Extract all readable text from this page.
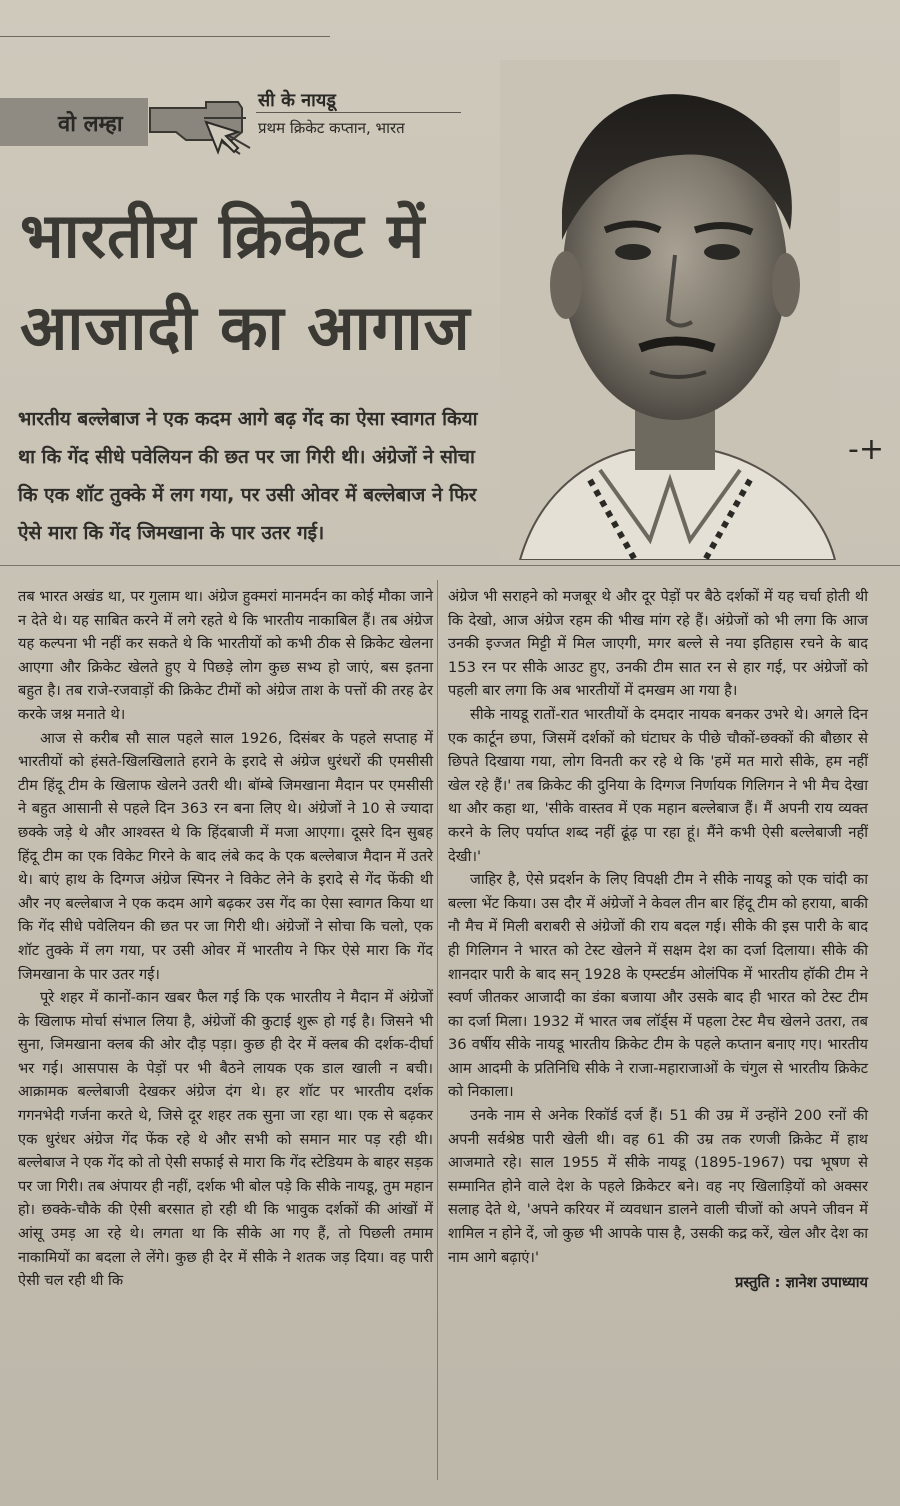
वो लम्हा
सी के नायडू
प्रथम क्रिकेट कप्तान, भारत
भारतीय क्रिकेट में
आजादी का आगाज
भारतीय बल्लेबाज ने एक कदम आगे बढ़ गेंद का ऐसा स्वागत किया था कि गेंद सीधे पवेलियन की छत पर जा गिरी थी। अंग्रेजों ने सोचा कि एक शॉट तुक्के में लग गया, पर उसी ओवर में बल्लेबाज ने फिर ऐसे मारा कि गेंद जिमखाना के पार उतर गई।
‑+

तब भारत अखंड था, पर गुलाम था। अंग्रेज हुक्मरां मानमर्दन का कोई मौका जाने न देते थे। यह साबित करने में लगे रहते थे कि भारतीय नाकाबिल हैं। तब अंग्रेज यह कल्पना भी नहीं कर सकते थे कि भारतीयों को कभी ठीक से क्रिकेट खेलना आएगा और क्रिकेट खेलते हुए ये पिछड़े लोग कुछ सभ्य हो जाएं, बस इतना बहुत है। तब राजे-रजवाड़ों की क्रिकेट टीमों को अंग्रेज ताश के पत्तों की तरह ढेर करके जश्न मनाते थे।

आज से करीब सौ साल पहले साल 1926, दिसंबर के पहले सप्ताह में भारतीयों को हंसते-खिलखिलाते हराने के इरादे से अंग्रेज धुरंधरों की एमसीसी टीम हिंदू टीम के खिलाफ खेलने उतरी थी। बॉम्बे जिमखाना मैदान पर एमसीसी ने बहुत आसानी से पहले दिन 363 रन बना लिए थे। अंग्रेजों ने 10 से ज्यादा छक्के जड़े थे और आश्वस्त थे कि हिंदबाजी में मजा आएगा। दूसरे दिन सुबह हिंदू टीम का एक विकेट गिरने के बाद लंबे कद के एक बल्लेबाज मैदान में उतरे थे। बाएं हाथ के दिग्गज अंग्रेज स्पिनर ने विकेट लेने के इरादे से गेंद फेंकी थी और नए बल्लेबाज ने एक कदम आगे बढ़कर उस गेंद का ऐसा स्वागत किया था कि गेंद सीधे पवेलियन की छत पर जा गिरी थी। अंग्रेजों ने सोचा कि चलो, एक शॉट तुक्के में लग गया, पर उसी ओवर में भारतीय ने फिर ऐसे मारा कि गेंद जिमखाना के पार उतर गई।

पूरे शहर में कानों-कान खबर फैल गई कि एक भारतीय ने मैदान में अंग्रेजों के खिलाफ मोर्चा संभाल लिया है, अंग्रेजों की कुटाई शुरू हो गई है। जिसने भी सुना, जिमखाना क्लब की ओर दौड़ पड़ा। कुछ ही देर में क्लब की दर्शक-दीर्घा भर गई। आसपास के पेड़ों पर भी बैठने लायक एक डाल खाली न बची। आक्रामक बल्लेबाजी देखकर अंग्रेज दंग थे। हर शॉट पर भारतीय दर्शक गगनभेदी गर्जना करते थे, जिसे दूर शहर तक सुना जा रहा था। एक से बढ़कर एक धुरंधर अंग्रेज गेंद फेंक रहे थे और सभी को समान मार पड़ रही थी। बल्लेबाज ने एक गेंद को तो ऐसी सफाई से मारा कि गेंद स्टेडियम के बाहर सड़क पर जा गिरी। तब अंपायर ही नहीं, दर्शक भी बोल पड़े कि सीके नायडू, तुम महान हो। छक्के-चौके की ऐसी बरसात हो रही थी कि भावुक दर्शकों की आंखों में आंसू उमड़ आ रहे थे। लगता था कि सीके आ गए हैं, तो पिछली तमाम नाकामियों का बदला ले लेंगे। कुछ ही देर में सीके ने शतक जड़ दिया। वह पारी ऐसी चल रही थी कि

अंग्रेज भी सराहने को मजबूर थे और दूर पेड़ों पर बैठे दर्शकों में यह चर्चा होती थी कि देखो, आज अंग्रेज रहम की भीख मांग रहे हैं। अंग्रेजों को भी लगा कि आज उनकी इज्जत मिट्टी में मिल जाएगी, मगर बल्ले से नया इतिहास रचने के बाद 153 रन पर सीके आउट हुए, उनकी टीम सात रन से हार गई, पर अंग्रेजों को पहली बार लगा कि अब भारतीयों में दमखम आ गया है।

सीके नायडू रातों-रात भारतीयों के दमदार नायक बनकर उभरे थे। अगले दिन एक कार्टून छपा, जिसमें दर्शकों को घंटाघर के पीछे चौकों-छक्कों की बौछार से छिपते दिखाया गया, लोग विनती कर रहे थे कि 'हमें मत मारो सीके, हम नहीं खेल रहे हैं।' तब क्रिकेट की दुनिया के दिग्गज निर्णायक गिलिगन ने भी मैच देखा था और कहा था, 'सीके वास्तव में एक महान बल्लेबाज हैं। मैं अपनी राय व्यक्त करने के लिए पर्याप्त शब्द नहीं ढूंढ़ पा रहा हूं। मैंने कभी ऐसी बल्लेबाजी नहीं देखी।'

जाहिर है, ऐसे प्रदर्शन के लिए विपक्षी टीम ने सीके नायडू को एक चांदी का बल्ला भेंट किया। उस दौर में अंग्रेजों ने केवल तीन बार हिंदू टीम को हराया, बाकी नौ मैच में मिली बराबरी से अंग्रेजों की राय बदल गई। सीके की इस पारी के बाद ही गिलिगन ने भारत को टेस्ट खेलने में सक्षम देश का दर्जा दिलाया। सीके की शानदार पारी के बाद सन् 1928 के एम्स्टर्डम ओलंपिक में भारतीय हॉकी टीम ने स्वर्ण जीतकर आजादी का डंका बजाया और उसके बाद ही भारत को टेस्ट टीम का दर्जा मिला। 1932 में भारत जब लॉर्ड्स में पहला टेस्ट मैच खेलने उतरा, तब 36 वर्षीय सीके नायडू भारतीय क्रिकेट टीम के पहले कप्तान बनाए गए। भारतीय आम आदमी के प्रतिनिधि सीके ने राजा-महाराजाओं के चंगुल से भारतीय क्रिकेट को निकाला।

उनके नाम से अनेक रिकॉर्ड दर्ज हैं। 51 की उम्र में उन्होंने 200 रनों की अपनी सर्वश्रेष्ठ पारी खेली थी। वह 61 की उम्र तक रणजी क्रिकेट में हाथ आजमाते रहे। साल 1955 में सीके नायडू (1895-1967) पद्म भूषण से सम्मानित होने वाले देश के पहले क्रिकेटर बने। वह नए खिलाड़ियों को अक्सर सलाह देते थे, 'अपने करियर में व्यवधान डालने वाली चीजों को अपने जीवन में शामिल न होने दें, जो कुछ भी आपके पास है, उसकी कद्र करें, खेल और देश का नाम आगे बढ़ाएं।'

प्रस्तुति : ज्ञानेश उपाध्याय
